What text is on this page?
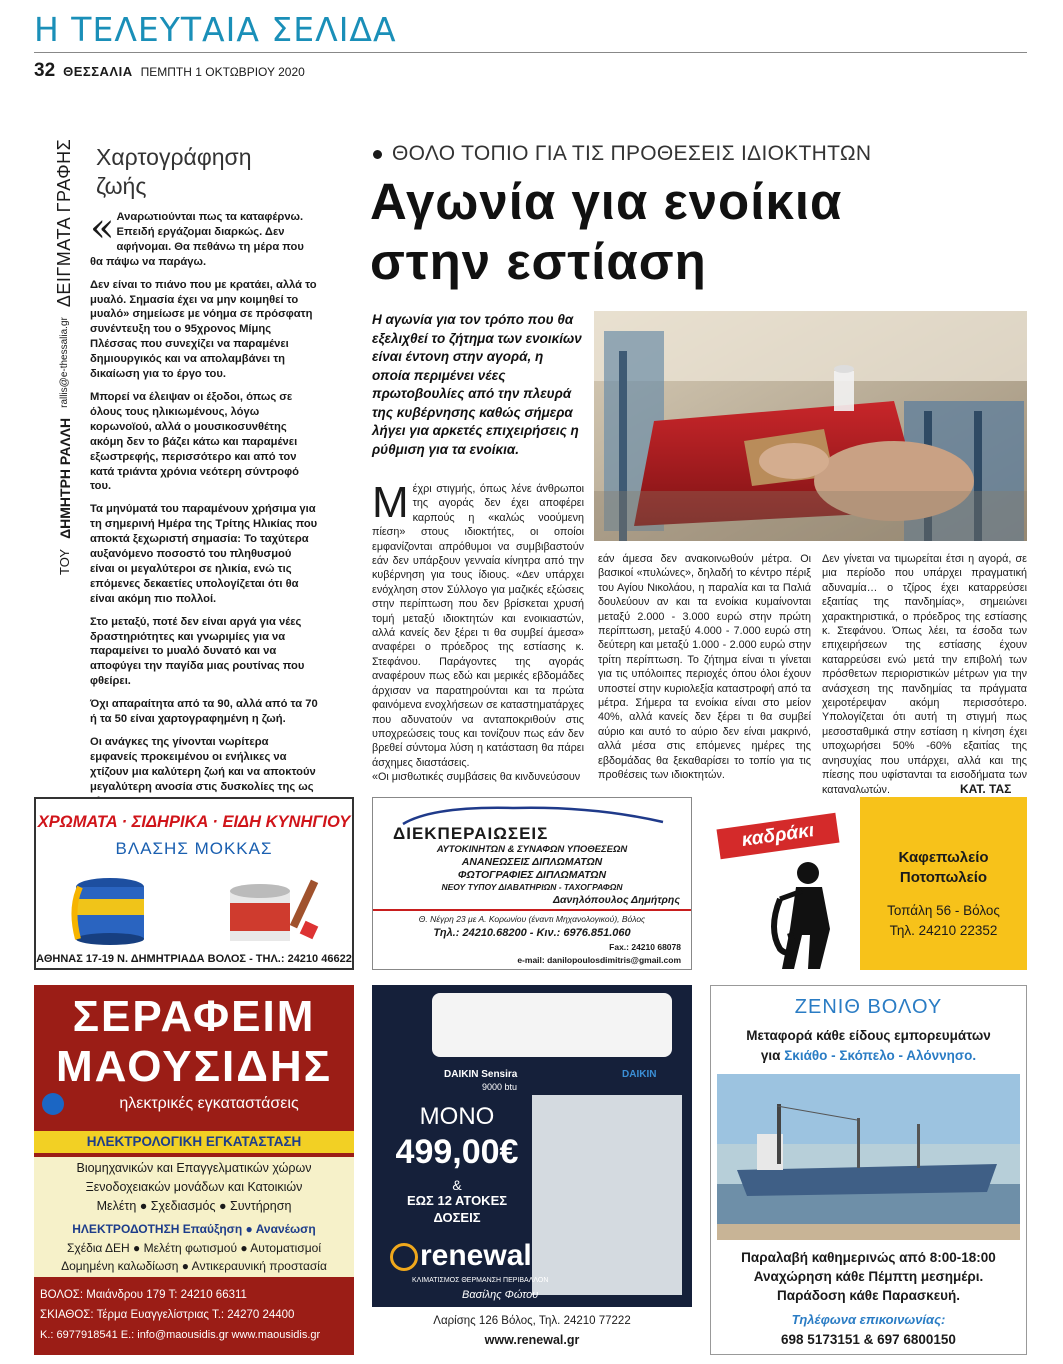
Η ΤΕΛΕΥΤΑΙΑ ΣΕΛΙΔΑ
32 ΘΕΣΣΑΛΙΑ ΠΕΜΠΤΗ 1 ΟΚΤΩΒΡΙΟΥ 2020
ΤΟΥ
ΔΗΜΗΤΡΗ ΡΑΛΛΗ
rallis@e-thessalia.gr
ΔΕΙΓΜΑΤΑ ΓΡΑΦΗΣ Χαρτογράφηση
ζωής

« Αναρωτιούνται πως τα καταφέρνω. Επειδή εργάζομαι διαρκώς. Δεν αφήνομαι. Θα πεθάνω τη μέρα που θα πάψω να παράγω.

Δεν είναι το πιάνο που με κρατάει, αλλά το μυαλό. Σημασία έχει να μην κοιμηθεί το μυαλό» σημείωσε με νόημα σε πρόσφατη συνέντευξη του ο 95χρονος Μίμης Πλέσσας που συνεχίζει να παραμένει δημιουργικός και να απολαμβάνει τη δικαίωση για το έργο του.

Μπορεί να έλειψαν οι έξοδοι, όπως σε όλους τους ηλικιωμένους, λόγω κορωνοϊού, αλλά ο μουσικοσυνθέτης ακόμη δεν το βάζει κάτω και παραμένει εξωστρεφής, περισσότερο και από τον κατά τριάντα χρόνια νεότερη σύντροφό του.

Τα μηνύματά του παραμένουν χρήσιμα για τη σημερινή Ημέρα της Τρίτης Ηλικίας που αποκτά ξεχωριστή σημασία: Το ταχύτερα αυξανόμενο ποσοστό του πληθυσμού είναι οι μεγαλύτεροι σε ηλικία, ενώ τις επόμενες δεκαετίες υπολογίζεται ότι θα είναι ακόμη πιο πολλοί.

Στο μεταξύ, ποτέ δεν είναι αργά για νέες δραστηριότητες και γνωριμίες για να παραμείνει το μυαλό δυνατό και να αποφύγει την παγίδα μιας ρουτίνας που φθείρει.

Όχι απαραίτητα από τα 90, αλλά από τα 70 ή τα 50 είναι χαρτογραφημένη η ζωή.

Οι ανάγκες της γίνονται νωρίτερα εμφανείς προκειμένου οι ενήλικες να χτίζουν μια καλύτερη ζωή και να αποκτούν μεγαλύτερη ανοσία στις δυσκολίες της ως

ΘΟΛΟ ΤΟΠΙΟ ΓΙΑ ΤΙΣ ΠΡΟΘΕΣΕΙΣ ΙΔΙΟΚΤΗΤΩΝ
Αγωνία για ενοίκια
στην εστίαση
Η αγωνία για τον τρόπο που θα εξελιχθεί το ζήτημα των ενοικίων είναι έντονη στην αγορά, η οποία περιμένει νέες πρωτοβουλίες από την πλευρά της κυβέρνησης καθώς σήμερα λήγει για αρκετές επιχειρήσεις η ρύθμιση για τα ενοίκια.

Μέχρι στιγμής, όπως λένε άνθρωποι της αγοράς δεν έχει αποφέρει καρπούς η «καλώς νοούμενη πίεση» στους ιδιοκτήτες, οι οποίοι εμφανίζονται απρόθυμοι να συμβιβαστούν εάν δεν υπάρξουν γενναία κίνητρα από την κυβέρνηση για τους ίδιους. «Δεν υπάρχει ενόχληση στον Σύλλογο για μαζικές εξώσεις στην περίπτωση που δεν βρίσκεται χρυσή τομή μεταξύ ιδιοκτητών και ενοικιαστών, αλλά κανείς δεν ξέρει τι θα συμβεί άμεσα» αναφέρει ο πρόεδρος της εστίασης κ. Στεφάνου. Παράγοντες της αγοράς αναφέρουν πως εδώ και μερικές εβδομάδες άρχισαν να παρατηρούνται και τα πρώτα φαινόμενα ενοχλήσεων σε καταστηματάρχες που αδυνατούν να ανταποκριθούν στις υποχρεώσεις τους και τονίζουν πως εάν δεν βρεθεί σύντομα λύση η κατάσταση θα πάρει άσχημες διαστάσεις.

«Οι μισθωτικές συμβάσεις θα κινδυνεύσουν

εάν άμεσα δεν ανακοινωθούν μέτρα. Οι βασικοί «πυλώνες», δηλαδή το κέντρο πέριξ του Αγίου Νικολάου, η παραλία και τα Παλιά δουλεύουν αν και τα ενοίκια κυμαίνονται μεταξύ 2.000 - 3.000 ευρώ στην πρώτη περίπτωση, μεταξύ 4.000 - 7.000 ευρώ στη δεύτερη και μεταξύ 1.000 - 2.000 ευρώ στην τρίτη περίπτωση. Το ζήτημα είναι τι γίνεται για τις υπόλοιπες περιοχές όπου όλοι έχουν υποστεί στην κυριολεξία καταστροφή από τα μέτρα. Σήμερα τα ενοίκια είναι στο μείον 40%, αλλά κανείς δεν ξέρει τι θα συμβεί αύριο και αυτό το αύριο δεν είναι μακρινό, αλλά μέσα στις επόμενες ημέρες της εβδομάδας θα ξεκαθαρίσει το τοπίο για τις προθέσεις των ιδιοκτητών.

Δεν γίνεται να τιμωρείται έτσι η αγορά, σε μια περίοδο που υπάρχει πραγματική αδυναμία… ο τζίρος έχει καταρρεύσει εξαιτίας της πανδημίας», σημειώνει χαρακτηριστικά, ο πρόεδρος της εστίασης κ. Στεφάνου. Όπως λέει, τα έσοδα των επιχειρήσεων της εστίασης έχουν καταρρεύσει ενώ μετά την επιβολή των πρόσθετων περιοριστικών μέτρων για την ανάσχεση της πανδημίας τα πράγματα χειροτέρεψαν ακόμη περισσότερο. Υπολογίζεται ότι αυτή τη στιγμή πως μεσοσταθμικά στην εστίαση η κίνηση έχει υποχωρήσει 50% -60% εξαιτίας της ανησυχίας που υπάρχει, αλλά και της πίεσης που υφίστανται τα εισοδήματα των καταναλωτών.	ΚΑΤ. ΤΑΣ
ΧΡΩΜΑΤΑ · ΣΙΔΗΡΙΚΑ · ΕΙΔΗ ΚΥΝΗΓΙΟΥ
ΒΛΑΣΗΣ ΜΟΚΚΑΣ
ΑΘΗΝΑΣ 17-19 Ν. ΔΗΜΗΤΡΙΑΔΑ ΒΟΛΟΣ - ΤΗΛ.: 24210 46622
ΔΙΕΚΠΕΡΑΙΩΣΕΙΣ
ΑΥΤΟΚΙΝΗΤΩΝ & ΣΥΝΑΦΩΝ ΥΠΟΘΕΣΕΩΝ
ΑΝΑΝΕΩΣΕΙΣ ΔΙΠΛΩΜΑΤΩΝ
ΦΩΤΟΓΡΑΦΙΕΣ ΔΙΠΛΩΜΑΤΩΝ
ΝΕΟΥ ΤΥΠΟΥ ΔΙΑΒΑΤΗΡΙΩΝ - ΤΑΧΟΓΡΑΦΩΝ
Δανηλόπουλος Δημήτρης
Θ. Νέγρη 23 με Α. Κορωνίου (έναντι Μηχανολογικού), Βόλος
Τηλ.: 24210.68200 - Κιν.: 6976.851.060
Fax.: 24210 68078
e-mail: danilopoulosdimitris@gmail.com
καδράκι
Καφεπωλείο
Ποτοπωλείο
Τοπάλη 56 - Βόλος
Τηλ. 24210 22352
ΣΕΡΑΦΕΙΜ
ΜΑΟΥΣΙΔΗΣ
ηλεκτρικές εγκαταστάσεις
ΗΛΕΚΤΡΟΛΟΓΙΚΗ ΕΓΚΑΤΑΣΤΑΣΗ
Βιομηχανικών και Επαγγελματικών χώρων
Ξενοδοχειακών μονάδων και Κατοικιών
Μελέτη ● Σχεδιασμός ● Συντήρηση
ΗΛΕΚΤΡΟΔΟΤΗΣΗ Επαύξηση ● Ανανέωση
Σχέδια ΔΕΗ ● Μελέτη φωτισμού ● Αυτοματισμοί
Δομημένη καλωδίωση ● Αντικεραυνική προστασία
ΒΟΛΟΣ: Μαιάνδρου 179 Τ: 24210 66311
ΣΚΙΑΘΟΣ: Τέρμα Ευαγγελίστριας Τ.: 24270 24400
Κ.: 6977918541 E.: info@maousidis.gr www.maousidis.gr
DAIKIN Sensira
9000 btu
DAIKIN
ΜΟΝΟ
499,00€
&
ΕΩΣ 12 ΑΤΟΚΕΣ
ΔΟΣΕΙΣ
renewal
ΚΛΙΜΑΤΙΣΜΟΣ ΘΕΡΜΑΝΣΗ ΠΕΡΙΒΑΛΛΟΝ
Βασίλης Φώτου
Λαρίσης 126 Βόλος, Τηλ. 24210 77222
www.renewal.gr
ΖΕΝΙΘ ΒΟΛΟΥ
Μεταφορά κάθε είδους εμπορευμάτων
για Σκιάθο - Σκόπελο - Αλόννησο.
Παραλαβή καθημερινώς από 8:00-18:00
Αναχώρηση κάθε Πέμπτη μεσημέρι.
Παράδοση κάθε Παρασκευή.
Τηλέφωνα επικοινωνίας:
698 5173151 & 697 6800150
